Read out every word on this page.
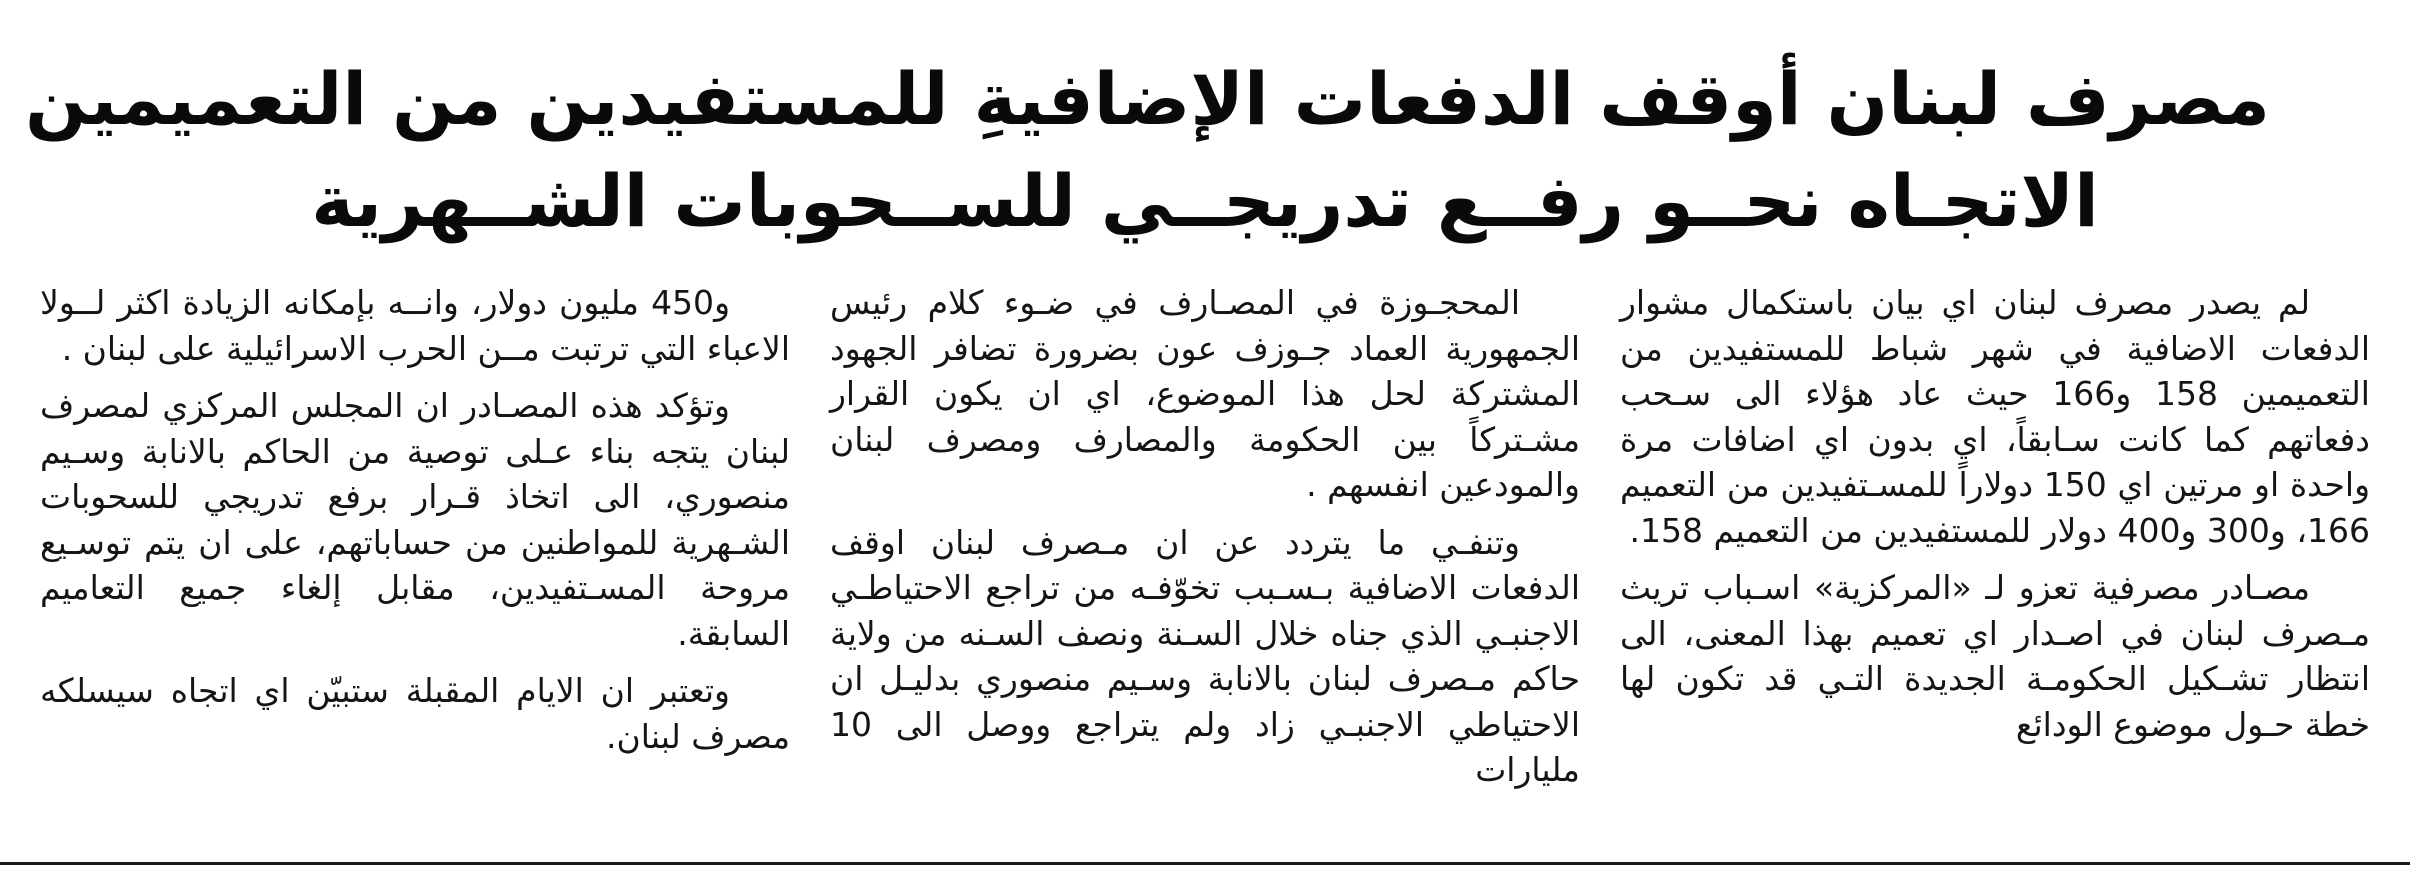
مصرف لبنان أوقف الدفعات الإضافيةِ للمستفيدين من التعميمين
الاتجـاه نحــو رفــع تدريجــي للســحوبات الشــهرية

لم يصدر مصرف لبنان اي بيان باستكمال مشوار الدفعات الاضافية في شهر شباط للمستفيدين من التعميمين 158 و166 حيث عاد هؤلاء الى سـحب دفعاتهم كما كانت سـابقاً، اي بدون اي اضافات مرة واحدة او مرتين اي 150 دولاراً للمسـتفيدين من التعميم 166، و300 و400 دولار للمستفيدين من التعميم 158.

مصـادر مصرفية تعزو لـ «المركزية» اسـباب تريث مـصرف لبنان في اصـدار اي تعميم بهذا المعنى، الى انتظار تشـكيل الحكومـة الجديدة التـي قد تكون لها خطة حـول موضوع الودائع

المحجـوزة في المصـارف في ضـوء كلام رئيس الجمهورية العماد جـوزف عون بضرورة تضافر الجهود المشتركة لحل هذا الموضوع، اي ان يكون القرار مشـتركاً بين الحكومة والمصارف ومصرف لبنان والمودعين انفسهم .

وتنفـي ما يتردد عن ان مـصرف لبنان اوقف الدفعات الاضافية بـسـبب تخوّفـه من تراجع الاحتياطـي الاجنبـي الذي جناه خلال السـنة ونصف السـنه من ولاية حاكم مـصرف لبنان بالانابة وسـيم منصوري بدليـل ان الاحتياطي الاجنبـي زاد ولم يتراجع ووصل الى 10 مليارات

و450 مليون دولار، وانــه بإمكانه الزيادة اكثر لــولا الاعباء التي ترتبت مــن الحرب الاسرائيلية على لبنان .

وتؤكد هذه المصـادر ان المجلس المركزي لمصرف لبنان يتجه بناء عـلى توصية من الحاكم بالانابة وسـيم منصوري، الى اتخاذ قـرار برفع تدريجي للسحوبات الشـهرية للمواطنين من حساباتهم، على ان يتم توسـيع مروحة المسـتفيدين، مقابل إلغاء جميع التعاميم السابقة.

وتعتبر ان الايام المقبلة ستبيّن اي اتجاه سيسلكه مصرف لبنان.
